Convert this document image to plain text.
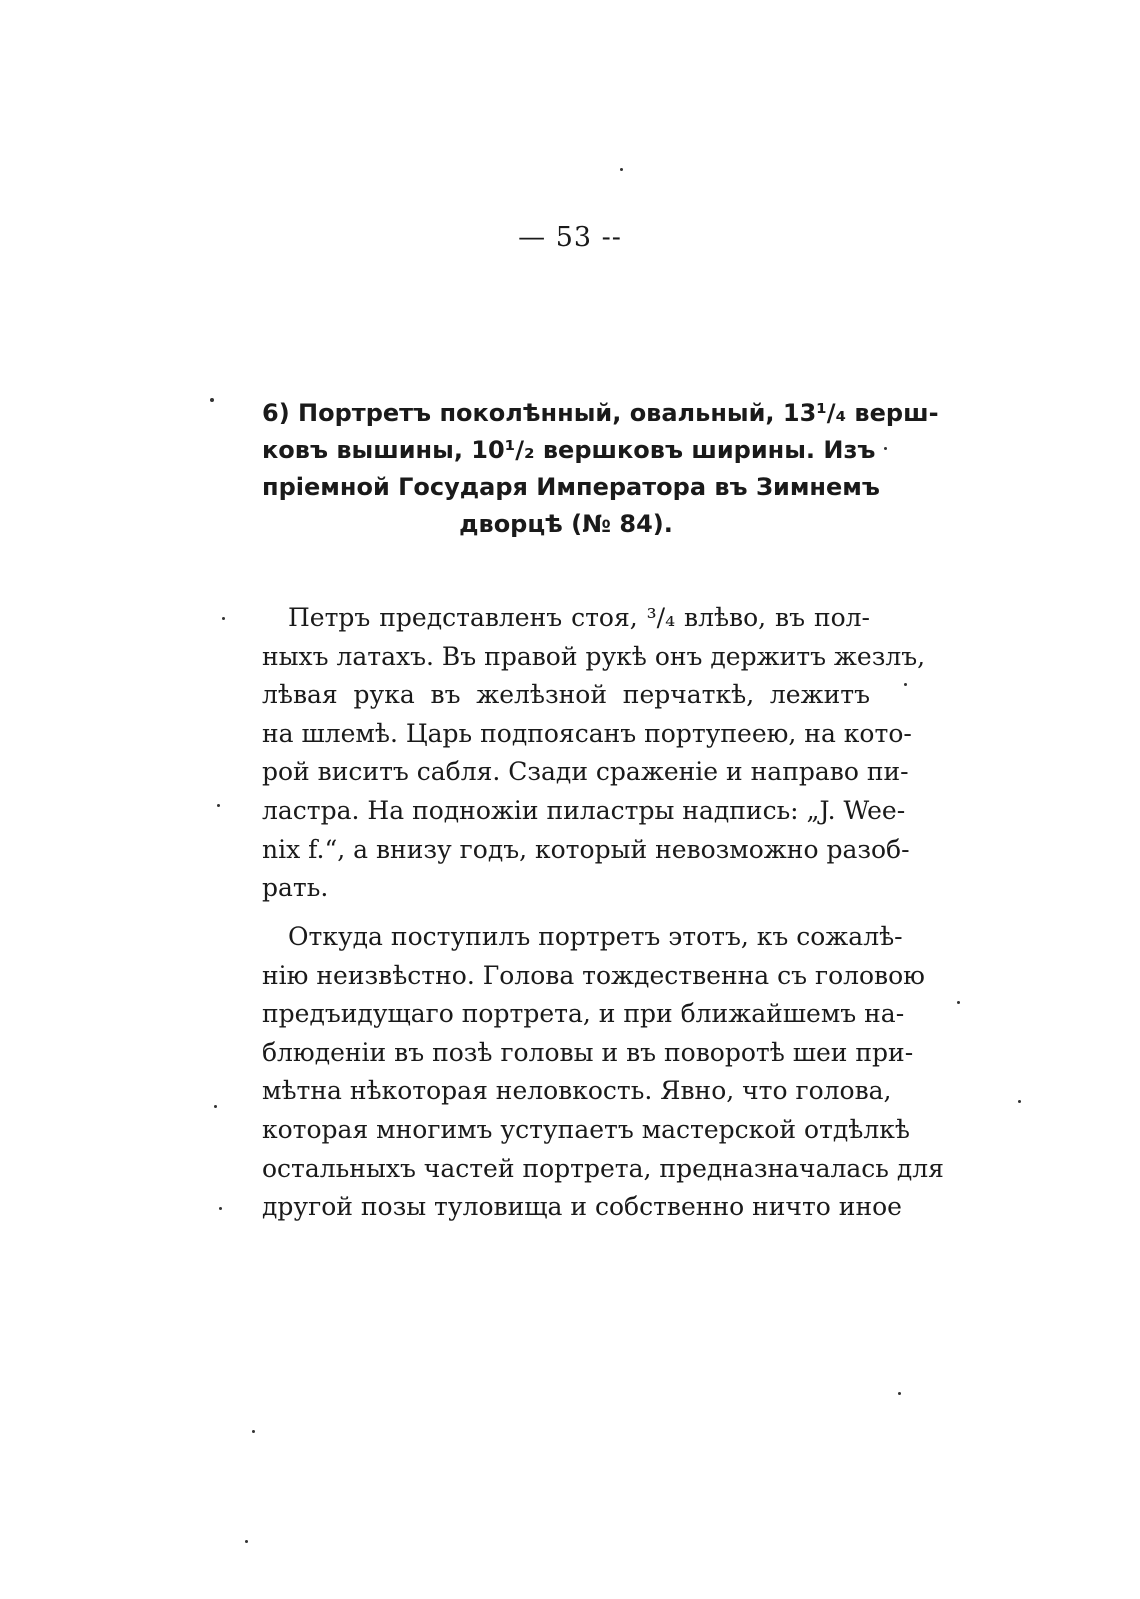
— 53 --
6) Портретъ поколѣнный, овальный, 13¹/₄ верш-
ковъ вышины, 10¹/₂ вершковъ ширины. Изъ
пріемной Государя Императора въ Зимнемъ
дворцѣ (№ 84).
Петръ представленъ стоя, ³/₄ влѣво, въ пол-
ныхъ латахъ. Въ правой рукѣ онъ держитъ жезлъ,
лѣвая рука въ желѣзной перчаткѣ, лежитъ
на шлемѣ. Царь подпоясанъ портупеею, на кото-
рой виситъ сабля. Сзади сраженіе и направо пи-
ластра. На подножіи пиластры надпись: „J. Wee-
nix f.“, а внизу годъ, который невозможно разоб-
рать.
Откуда поступилъ портретъ этотъ, къ сожалѣ-
нію неизвѣстно. Голова тождественна съ головою
предъидущаго портрета, и при ближайшемъ на-
блюденіи въ позѣ головы и въ поворотѣ шеи при-
мѣтна нѣкоторая неловкость. Явно, что голова,
которая многимъ уступаетъ мастерской отдѣлкѣ
остальныхъ частей портрета, предназначалась для
другой позы туловища и собственно ничто иное
